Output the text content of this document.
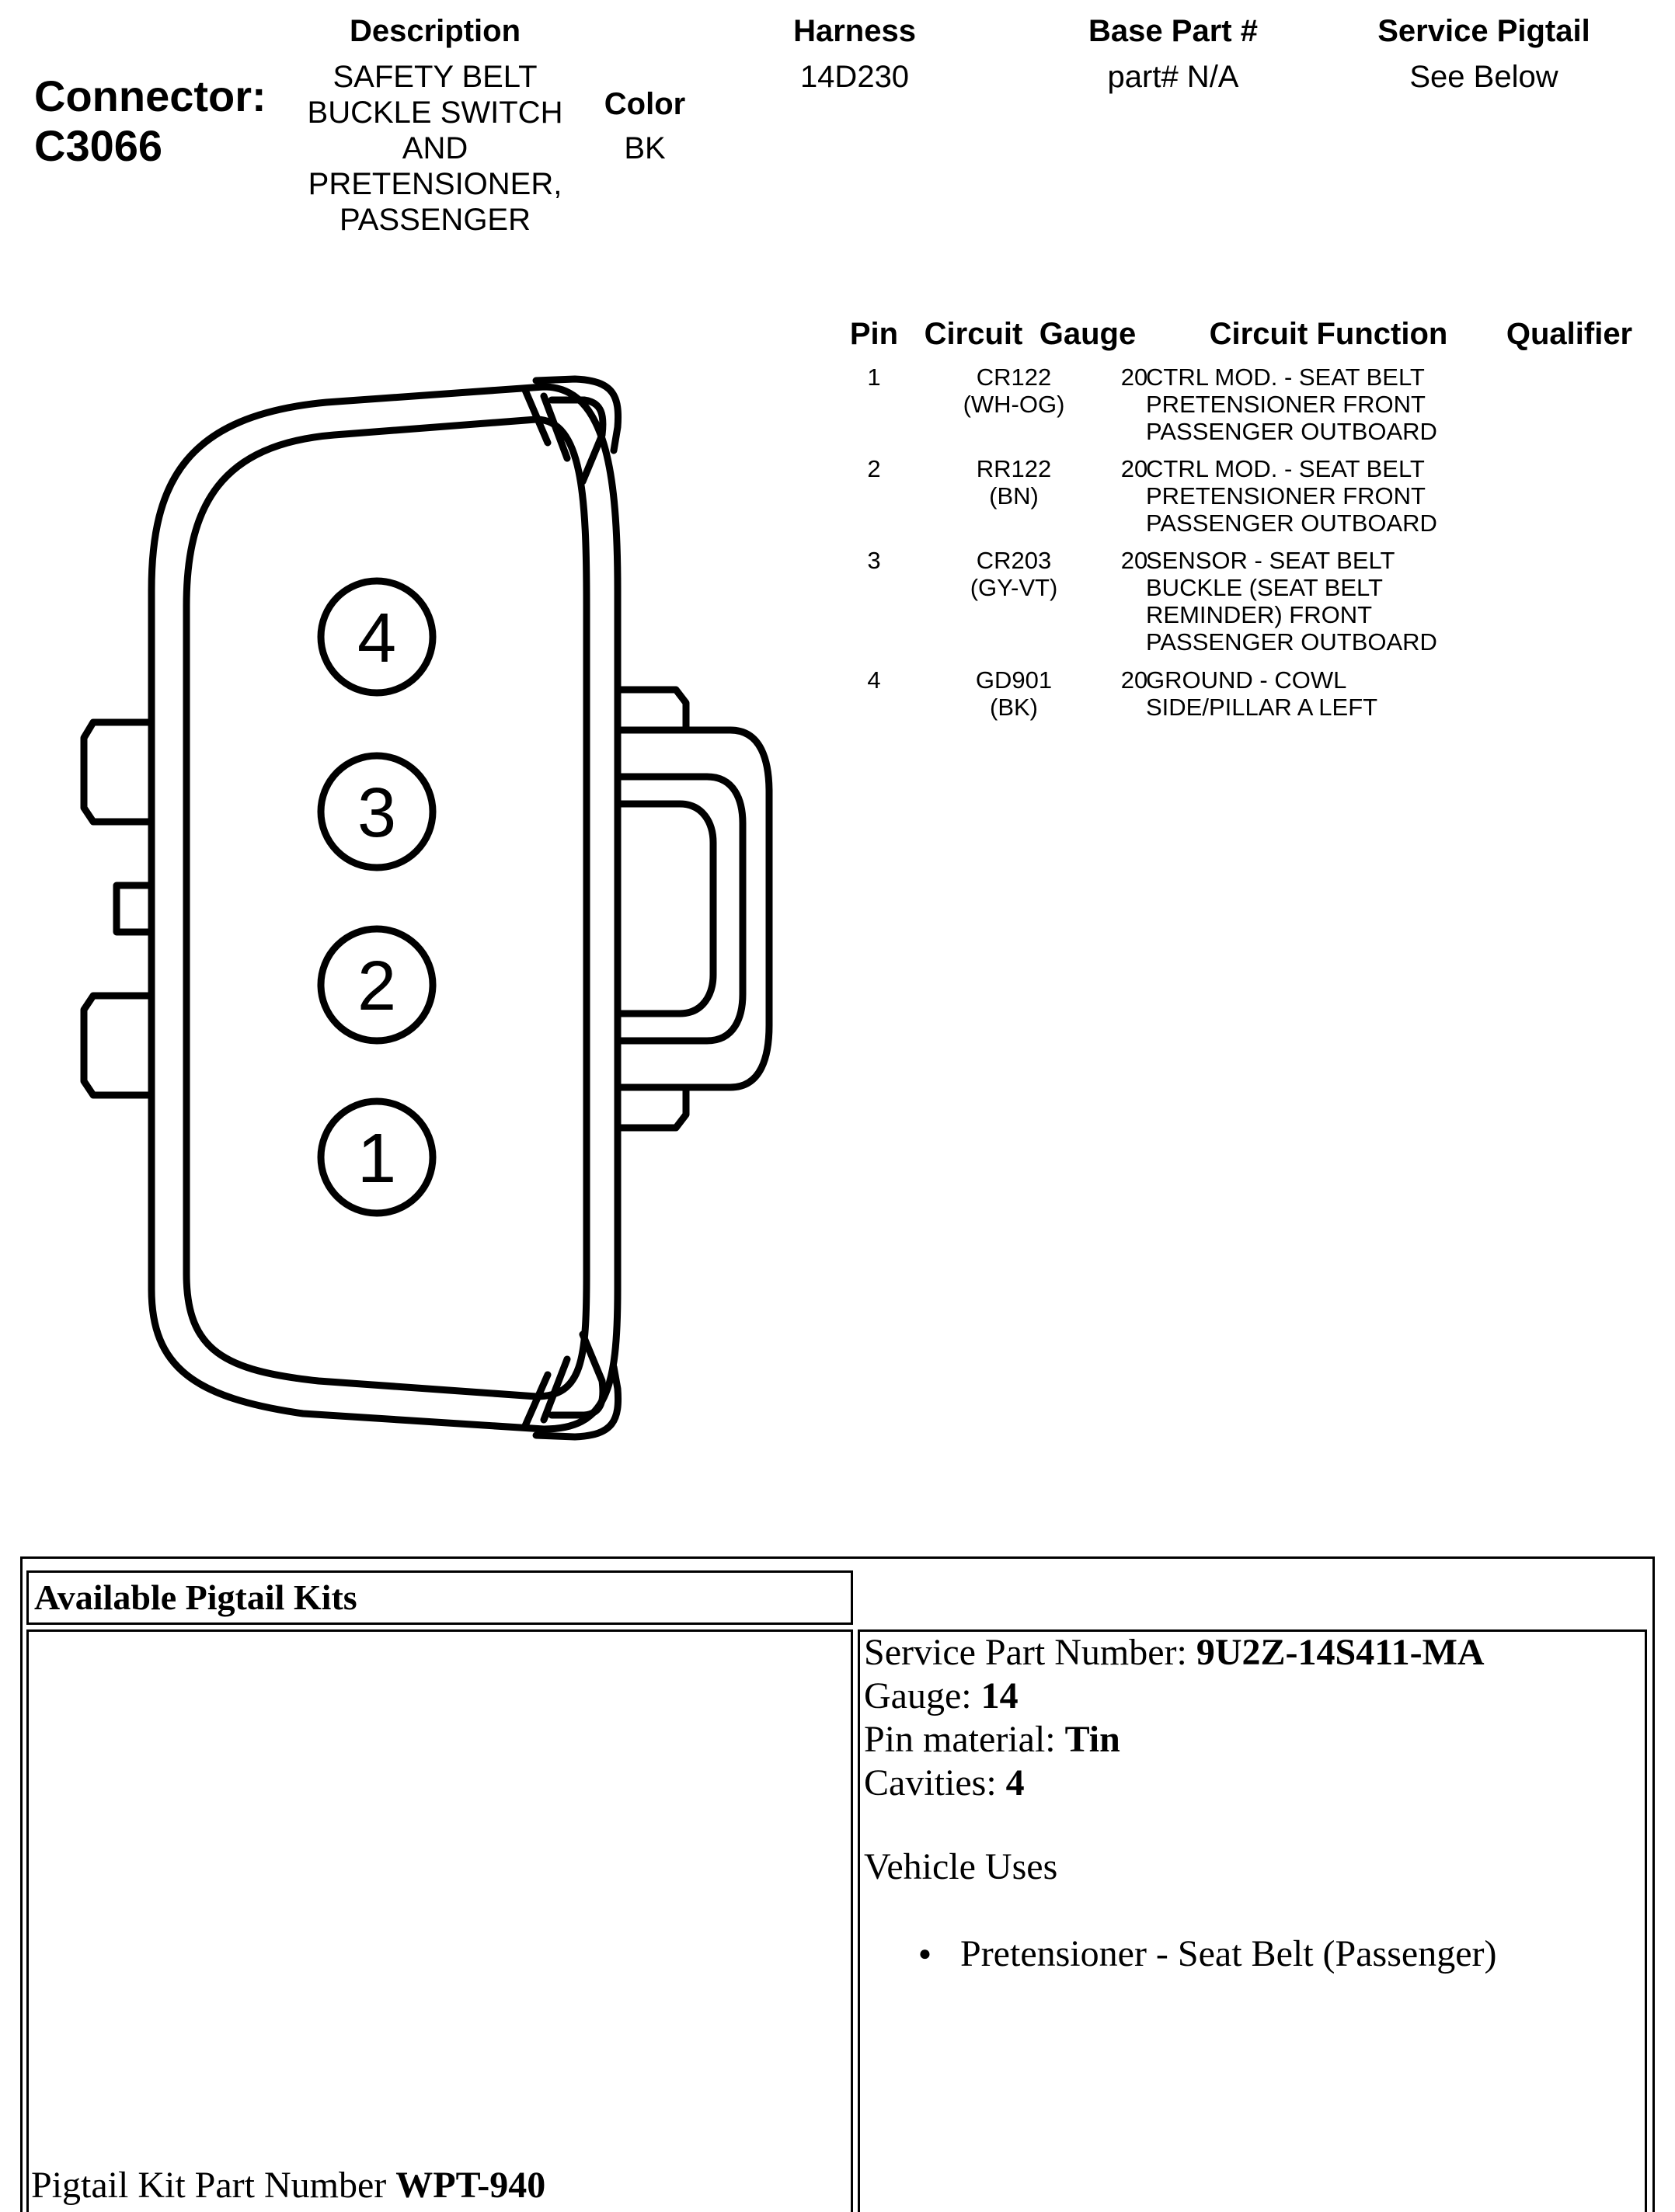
Connector:
C3066
Description
SAFETY BELT
BUCKLE SWITCH
AND
PRETENSIONER,
PASSENGER
Color
BK
Harness
14D230
Base Part #
part# N/A
Service Pigtail
See Below
Pin Circuit Gauge	Circuit Function	Qualifier
1	CR122
(WH-OG)
20
CTRL MOD. - SEAT BELT
PRETENSIONER FRONT
PASSENGER OUTBOARD
2	RR122
(BN)
20
CTRL MOD. - SEAT BELT
PRETENSIONER FRONT
PASSENGER OUTBOARD
3	CR203
(GY-VT)
20
SENSOR - SEAT BELT
BUCKLE (SEAT BELT
REMINDER) FRONT
PASSENGER OUTBOARD
4	GD901
(BK)
20
GROUND - COWL
SIDE/PILLAR A LEFT
4
3
2
1
Available Pigtail Kits
Pigtail Kit Part Number WPT-940
Service Part Number: 9U2Z-14S411-MA
Gauge: 14
Pin material: Tin
Cavities: 4
Vehicle Uses
● Pretensioner - Seat Belt (Passenger)
